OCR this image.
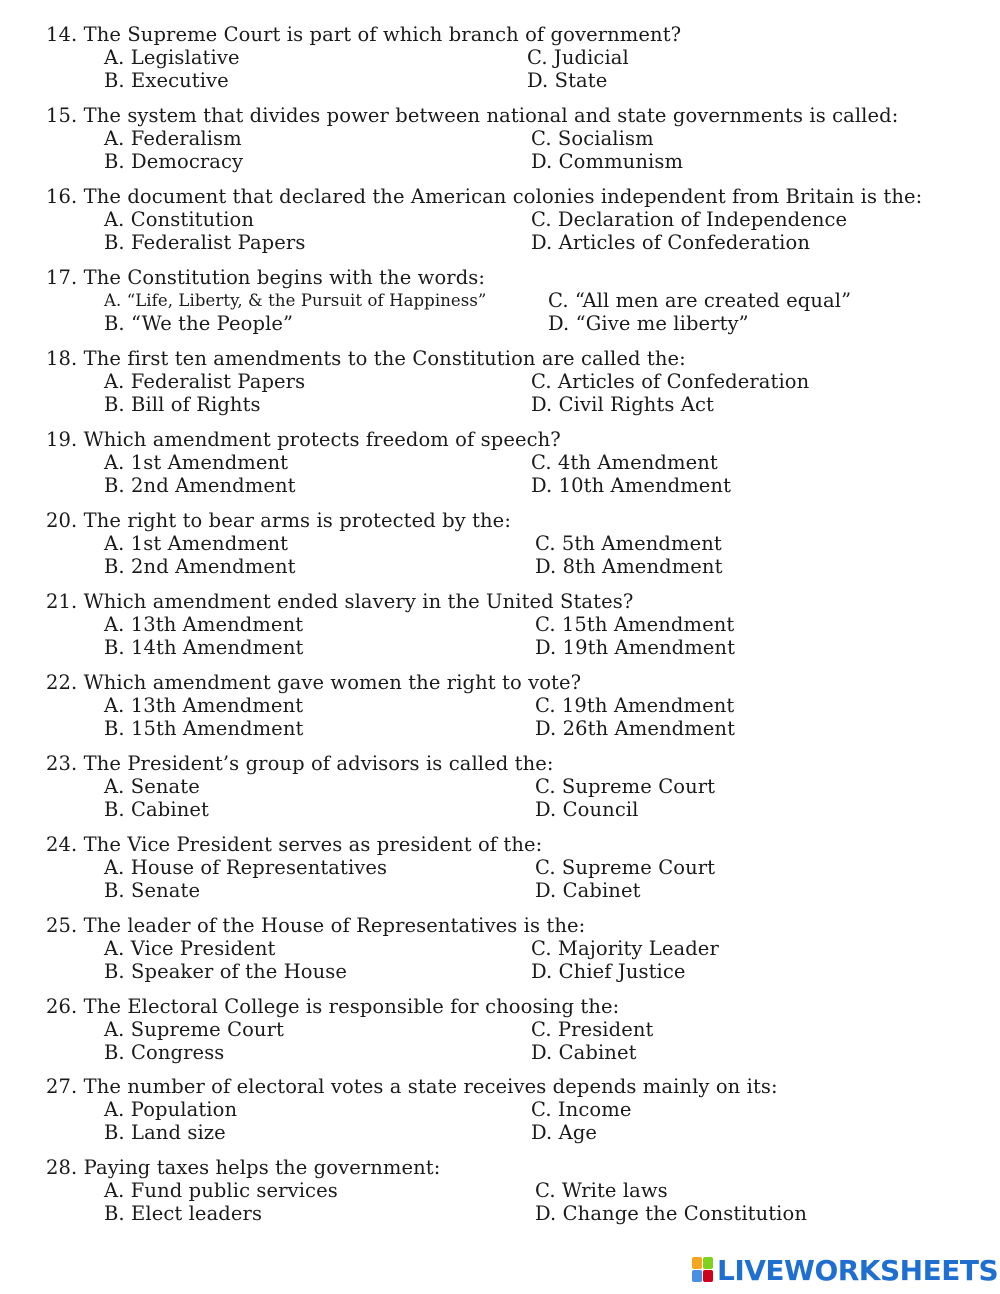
14. The Supreme Court is part of which branch of government?
A. Legislative
B. Executive
C. Judicial
D. State
15. The system that divides power between national and state governments is called:
A. Federalism
B. Democracy
C. Socialism
D. Communism
16. The document that declared the American colonies independent from Britain is the:
A. Constitution
B. Federalist Papers
C. Declaration of Independence
D. Articles of Confederation
17. The Constitution begins with the words:
A. “Life, Liberty, & the Pursuit of Happiness”
B. “We the People”
C. “All men are created equal”
D. “Give me liberty”
18. The first ten amendments to the Constitution are called the:
A. Federalist Papers
B. Bill of Rights
C. Articles of Confederation
D. Civil Rights Act
19. Which amendment protects freedom of speech?
A. 1st Amendment
B. 2nd Amendment
C. 4th Amendment
D. 10th Amendment
20. The right to bear arms is protected by the:
A. 1st Amendment
B. 2nd Amendment
C. 5th Amendment
D. 8th Amendment
21. Which amendment ended slavery in the United States?
A. 13th Amendment
B. 14th Amendment
C. 15th Amendment
D. 19th Amendment
22. Which amendment gave women the right to vote?
A. 13th Amendment
B. 15th Amendment
C. 19th Amendment
D. 26th Amendment
23. The President’s group of advisors is called the:
A. Senate
B. Cabinet
C. Supreme Court
D. Council
24. The Vice President serves as president of the:
A. House of Representatives
B. Senate
C. Supreme Court
D. Cabinet
25. The leader of the House of Representatives is the:
A. Vice President
B. Speaker of the House
C. Majority Leader
D. Chief Justice
26. The Electoral College is responsible for choosing the:
A. Supreme Court
B. Congress
C. President
D. Cabinet
27. The number of electoral votes a state receives depends mainly on its:
A. Population
B. Land size
C. Income
D. Age
28. Paying taxes helps the government:
A. Fund public services
B. Elect leaders
C. Write laws
D. Change the Constitution
LIVEWORKSHEETS
